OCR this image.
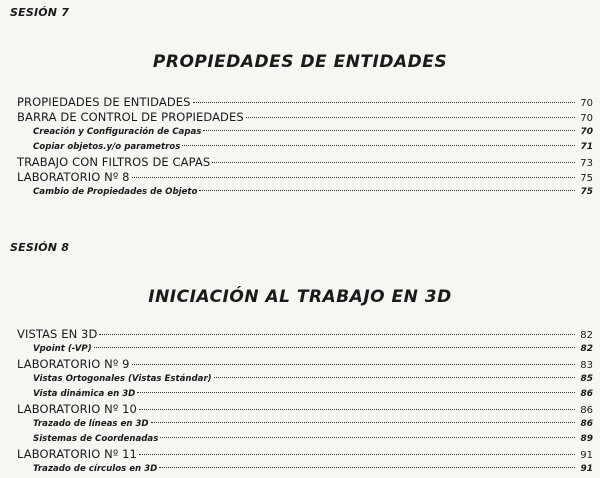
SESIÓN 7
PROPIEDADES DE ENTIDADES
PROPIEDADES DE ENTIDADES	70
BARRA DE CONTROL DE PROPIEDADES	70
Creación y Configuración de Capas	70
Copiar objetos.y/o parametros	71
TRABAJO CON FILTROS DE CAPAS	73
LABORATORIO Nº 8	75
Cambio de Propiedades de Objeto	75
SESIÓN 8
INICIACIÓN AL TRABAJO EN 3D
VISTAS EN 3D	82
Vpoint (-VP)	82
LABORATORIO Nº 9	83
Vistas Ortogonales (Vistas Estándar)	85
Vista dinámica en 3D	86
LABORATORIO Nº 10	86
Trazado de líneas en 3D	86
Sistemas de Coordenadas	89
LABORATORIO Nº 11	91
Trazado de círculos en 3D	91
